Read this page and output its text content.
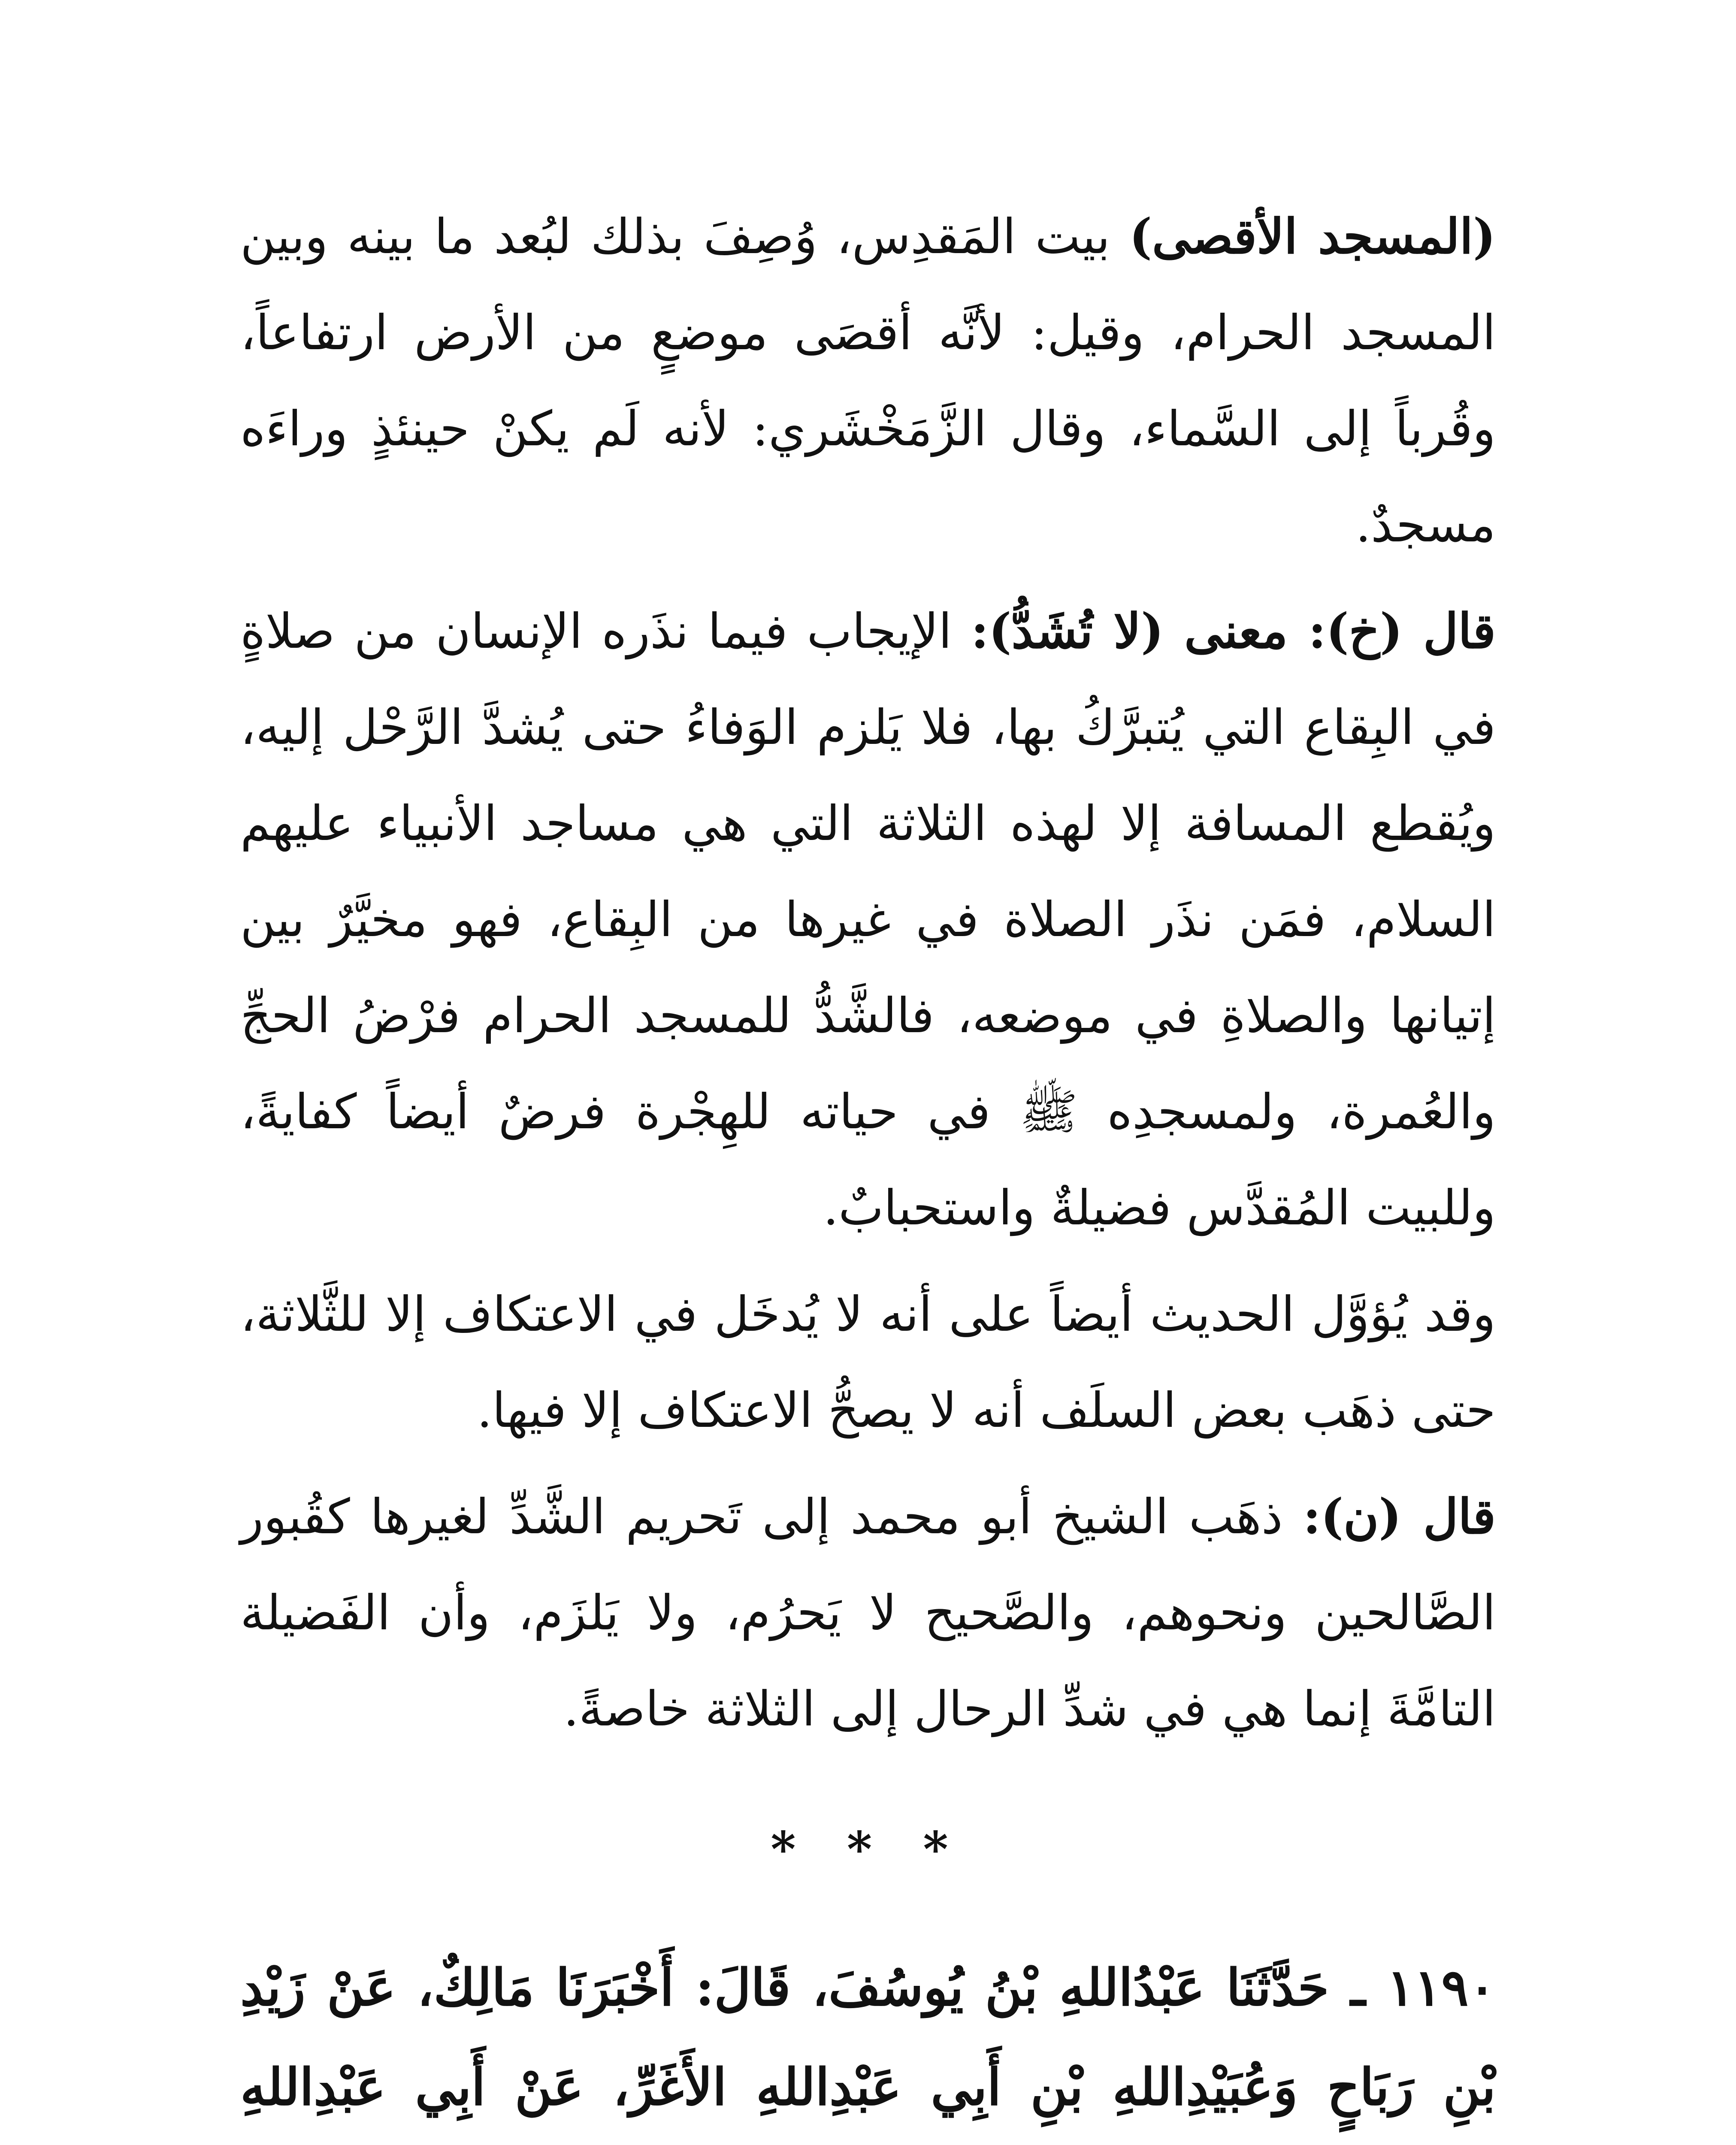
(المسجد الأقصى) بيت المَقدِس، وُصِفَ بذلك لبُعد ما بينه وبين المسجد الحرام، وقيل: لأنَّه أقصَى موضعٍ من الأرض ارتفاعاً، وقُرباً إلى السَّماء، وقال الزَّمَخْشَري: لأنه لَم يكنْ حينئذٍ وراءَه مسجدٌ.

قال (خ): معنى (لا تُشَدُّ): الإيجاب فيما نذَره الإنسان من صلاةٍ في البِقاع التي يُتبرَّكُ بها، فلا يَلزم الوَفاءُ حتى يُشدَّ الرَّحْل إليه، ويُقطع المسافة إلا لهذه الثلاثة التي هي مساجد الأنبياء عليهم السلام، فمَن نذَر الصلاة في غيرها من البِقاع، فهو مخيَّرٌ بين إتيانها والصلاةِ في موضعه، فالشَّدُّ للمسجد الحرام فرْضُ الحجِّ والعُمرة، ولمسجدِه ﷺ في حياته للهِجْرة فرضٌ أيضاً كفايةً، وللبيت المُقدَّس فضيلةٌ واستحبابٌ.

وقد يُؤوَّل الحديث أيضاً على أنه لا يُدخَل في الاعتكاف إلا للثَّلاثة، حتى ذهَب بعض السلَف أنه لا يصحُّ الاعتكاف إلا فيها.

قال (ن): ذهَب الشيخ أبو محمد إلى تَحريم الشَّدِّ لغيرها كقُبور الصَّالحين ونحوهم، والصَّحيح لا يَحرُم، ولا يَلزَم، وأن الفَضيلة التامَّةَ إنما هي في شدِّ الرحال إلى الثلاثة خاصةً.

* * *

١١٩٠ ـ حَدَّثَنَا عَبْدُاللهِ بْنُ يُوسُفَ، قَالَ: أَخْبَرَنَا مَالِكٌ، عَنْ زَيْدِ بْنِ رَبَاحٍ وَعُبَيْدِاللهِ بْنِ أَبِي عَبْدِاللهِ الأَغَرِّ، عَنْ أَبِي عَبْدِاللهِ
